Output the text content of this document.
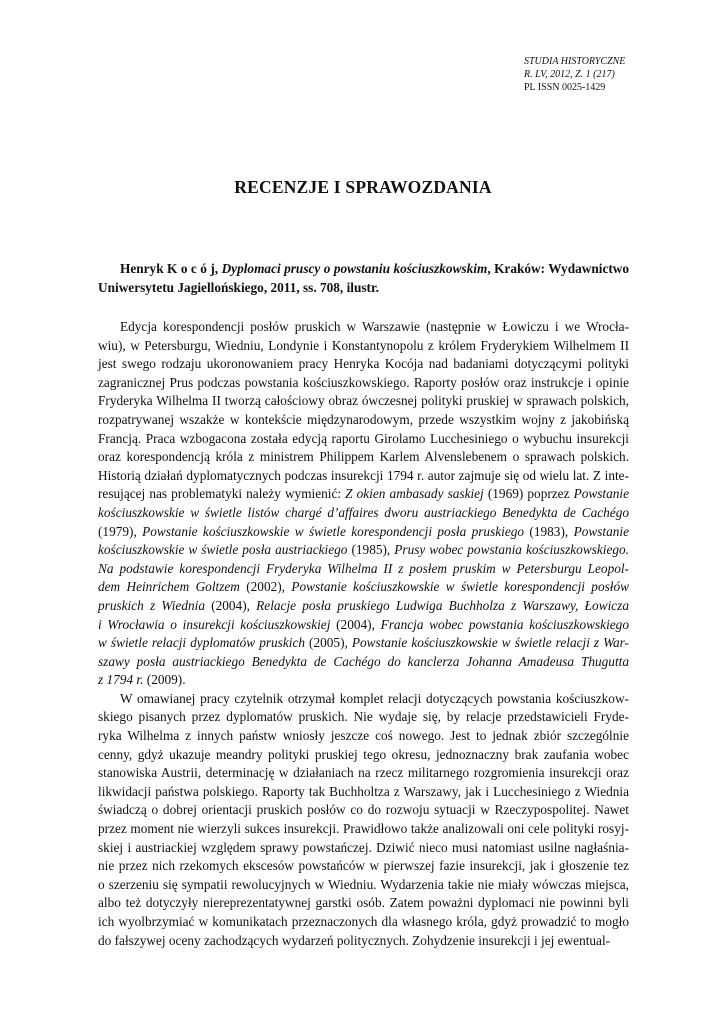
STUDIA HISTORYCZNE
R. LV, 2012, Z. 1 (217)
PL ISSN 0025-1429
RECENZJE I SPRAWOZDANIA
Henryk K o c ó j, Dyplomaci pruscy o powstaniu kościuszkowskim, Kraków: Wydawnictwo
Uniwersytetu Jagiellońskiego, 2011, ss. 708, ilustr.
Edycja korespondencji posłów pruskich w Warszawie (następnie w Łowiczu i we Wrocła-
wiu), w Petersburgu, Wiedniu, Londynie i Konstantynopolu z królem Fryderykiem Wilhelmem II
jest swego rodzaju ukoronowaniem pracy Henryka Kocója nad badaniami dotyczącymi polityki
zagranicznej Prus podczas powstania kościuszkowskiego. Raporty posłów oraz instrukcje i opinie
Fryderyka Wilhelma II tworzą całościowy obraz ówczesnej polityki pruskiej w sprawach polskich,
rozpatrywanej wszakże w kontekście międzynarodowym, przede wszystkim wojny z jakobińską
Francją. Praca wzbogacona została edycją raportu Girolamo Lucchesiniego o wybuchu insurekcji
oraz korespondencją króla z ministrem Philippem Karlem Alvenslebenem o sprawach polskich.
Historią działań dyplomatycznych podczas insurekcji 1794 r. autor zajmuje się od wielu lat. Z inte-
resującej nas problematyki należy wymienić: Z okien ambasady saskiej (1969) poprzez Powstanie
kościuszkowskie w świetle listów chargé d’affaires dworu austriackiego Benedykta de Cachégo
(1979), Powstanie kościuszkowskie w świetle korespondencji posła pruskiego (1983), Powstanie
kościuszkowskie w świetle posła austriackiego (1985), Prusy wobec powstania kościuszkowskiego.
Na podstawie korespondencji Fryderyka Wilhelma II z posłem pruskim w Petersburgu Leopol-
dem Heinrichem Goltzem (2002), Powstanie kościuszkowskie w świetle korespondencji posłów
pruskich z Wiednia (2004), Relacje posła pruskiego Ludwiga Buchholza z Warszawy, Łowicza
i Wrocławia o insurekcji kościuszkowskiej (2004), Francja wobec powstania kościuszkowskiego
w świetle relacji dyplomatów pruskich (2005), Powstanie kościuszkowskie w świetle relacji z War-
szawy posła austriackiego Benedykta de Cachégo do kanclerza Johanna Amadeusa Thugutta
z 1794 r. (2009).
W omawianej pracy czytelnik otrzymał komplet relacji dotyczących powstania kościuszkow-
skiego pisanych przez dyplomatów pruskich. Nie wydaje się, by relacje przedstawicieli Fryde-
ryka Wilhelma z innych państw wniosły jeszcze coś nowego. Jest to jednak zbiór szczególnie
cenny, gdyż ukazuje meandry polityki pruskiej tego okresu, jednoznaczny brak zaufania wobec
stanowiska Austrii, determinację w działaniach na rzecz militarnego rozgromienia insurekcji oraz
likwidacji państwa polskiego. Raporty tak Buchholtza z Warszawy, jak i Lucchesiniego z Wiednia
świadczą o dobrej orientacji pruskich posłów co do rozwoju sytuacji w Rzeczypospolitej. Nawet
przez moment nie wierzyli sukces insurekcji. Prawidłowo także analizowali oni cele polityki rosyj-
skiej i austriackiej względem sprawy powstańczej. Dziwić nieco musi natomiast usilne nagłaśnia-
nie przez nich rzekomych ekscesów powstańców w pierwszej fazie insurekcji, jak i głoszenie tez
o szerzeniu się sympatii rewolucyjnych w Wiedniu. Wydarzenia takie nie miały wówczas miejsca,
albo też dotyczyły niereprezentatywnej garstki osób. Zatem poważni dyplomaci nie powinni byli
ich wyolbrzymiać w komunikatach przeznaczonych dla własnego króla, gdyż prowadzić to mogło
do fałszywej oceny zachodzących wydarzeń politycznych. Zohydzenie insurekcji i jej ewentual-
